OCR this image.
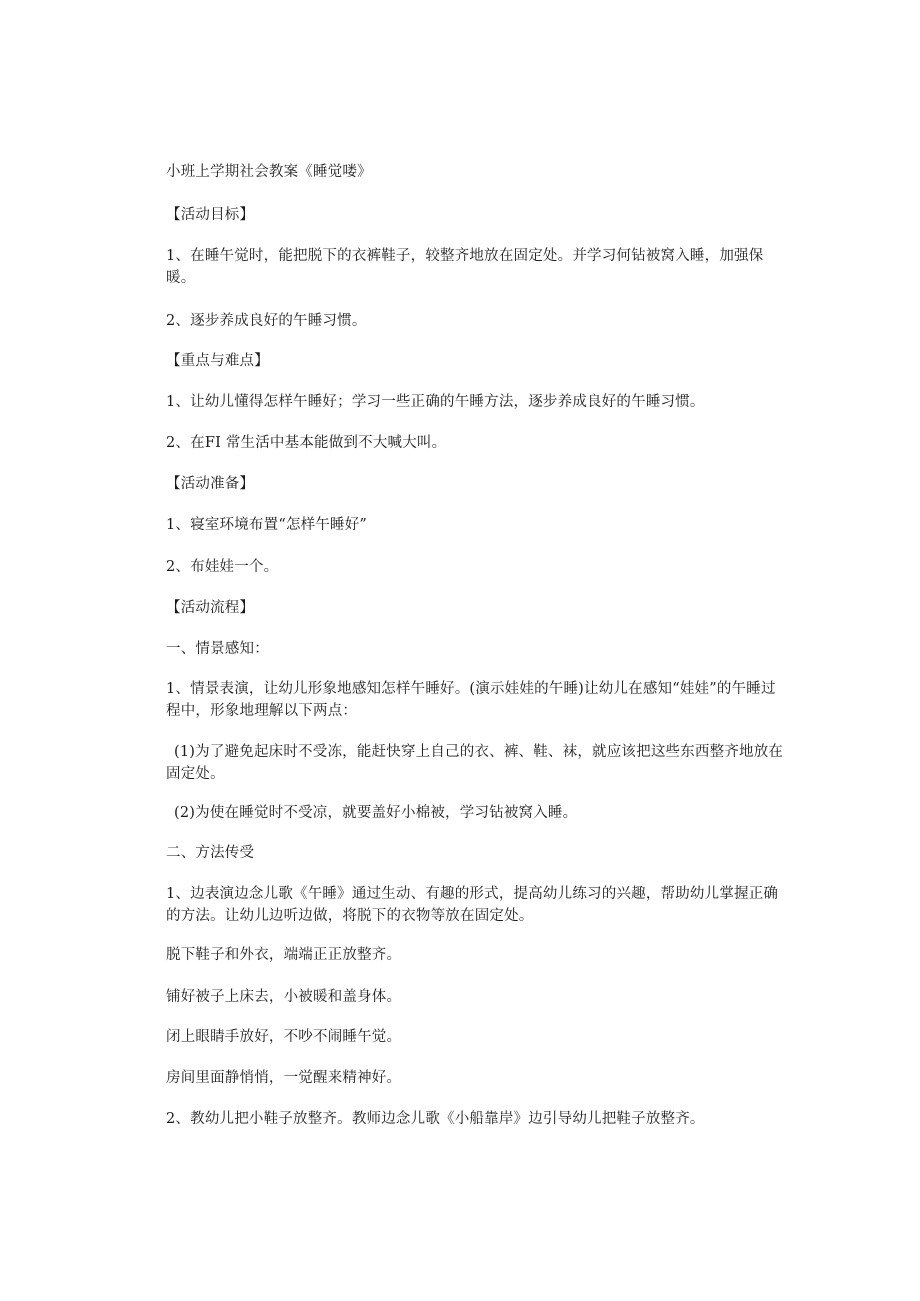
小班上学期社会教案《睡觉喽》
【活动目标】
1、在睡午觉时，能把脱下的衣裤鞋子，较整齐地放在固定处。并学习何钻被窝入睡，加强保暖。
2、逐步养成良好的午睡习惯。
【重点与难点】
1、让幼儿懂得怎样午睡好；学习一些正确的午睡方法，逐步养成良好的午睡习惯。
2、在FI 常生活中基本能做到不大喊大叫。
【活动准备】
1、寝室环境布置“怎样午睡好”
2、布娃娃一个。
【活动流程】
一、情景感知：
1、情景表演，让幼儿形象地感知怎样午睡好。(演示娃娃的午睡)让幼儿在感知“娃娃”的午睡过程中，形象地理解以下两点：
(1)为了避免起床时不受冻，能赶快穿上自己的衣、裤、鞋、袜，就应该把这些东西整齐地放在固定处。
(2)为使在睡觉时不受凉，就要盖好小棉被，学习钻被窝入睡。
二、方法传受
1、边表演边念儿歌《午睡》通过生动、有趣的形式，提高幼儿练习的兴趣，帮助幼儿掌握正确的方法。让幼儿边听边做，将脱下的衣物等放在固定处。
脱下鞋子和外衣，端端正正放整齐。
铺好被子上床去，小被暖和盖身体。
闭上眼睛手放好，不吵不闹睡午觉。
房间里面静悄悄，一觉醒来精神好。
2、教幼儿把小鞋子放整齐。教师边念儿歌《小船靠岸》边引导幼儿把鞋子放整齐。
